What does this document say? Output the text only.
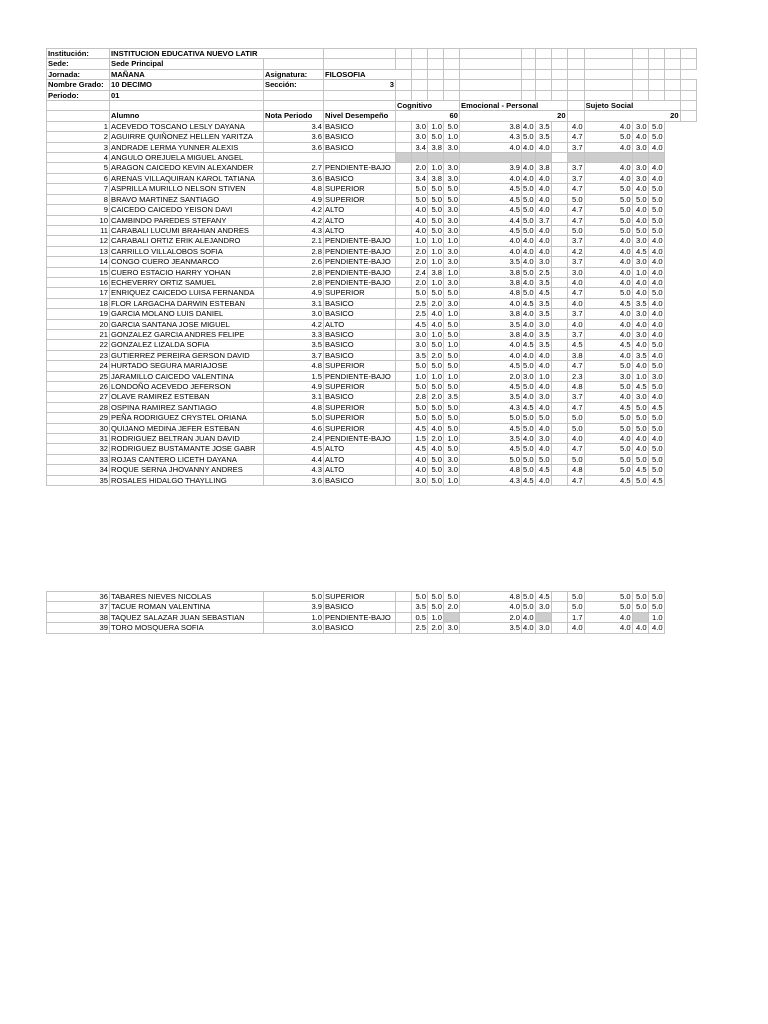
Institución:	INSTITUCION EDUCATIVA NUEVO LATIR																
Sede:	Sede Principal																
Jornada:	MAÑANA	Asignatura:	FILOSOFIA														
Nombre Grado:	10 DECIMO	Sección:	3														
Periodo:	01																
				Cognitivo				Emocional - Personal					Sujeto Social				
	Alumno	Nota Periodo	Nivel Desempeño	60				20					20				
1	ACEVEDO TOSCANO LESLY DAYANA	3.4	BASICO		3.0	1.0	5.0	3.8	4.0	3.5		4.0	4.0	3.0	5.0		
2	AGUIRRE QUIÑONEZ HELLEN YARITZA	3.6	BASICO		3.0	5.0	1.0	4.3	5.0	3.5		4.7	5.0	4.0	5.0		
3	ANDRADE LERMA YUNNER ALEXIS	3.6	BASICO		3.4	3.8	3.0	4.0	4.0	4.0		3.7	4.0	3.0	4.0		
4	ANGULO OREJUELA MIGUEL ANGEL																
5	ARAGON CAICEDO KEVIN ALEXANDER	2.7	PENDIENTE-BAJO		2.0	1.0	3.0	3.9	4.0	3.8		3.7	4.0	3.0	4.0		
6	ARENAS VILLAQUIRAN KAROL TATIANA	3.6	BASICO		3.4	3.8	3.0	4.0	4.0	4.0		3.7	4.0	3.0	4.0		
7	ASPRILLA MURILLO NELSON STIVEN	4.8	SUPERIOR		5.0	5.0	5.0	4.5	5.0	4.0		4.7	5.0	4.0	5.0		
8	BRAVO MARTINEZ SANTIAGO	4.9	SUPERIOR		5.0	5.0	5.0	4.5	5.0	4.0		5.0	5.0	5.0	5.0		
9	CAICEDO CAICEDO YEISON DAVI	4.2	ALTO		4.0	5.0	3.0	4.5	5.0	4.0		4.7	5.0	4.0	5.0		
10	CAMBINDO PAREDES STEFANY	4.2	ALTO		4.0	5.0	3.0	4.4	5.0	3.7		4.7	5.0	4.0	5.0		
11	CARABALI LUCUMI BRAHIAN ANDRES	4.3	ALTO		4.0	5.0	3.0	4.5	5.0	4.0		5.0	5.0	5.0	5.0		
12	CARABALI ORTIZ ERIK ALEJANDRO	2.1	PENDIENTE-BAJO		1.0	1.0	1.0	4.0	4.0	4.0		3.7	4.0	3.0	4.0		
13	CARRILLO VILLALOBOS SOFIA	2.8	PENDIENTE-BAJO		2.0	1.0	3.0	4.0	4.0	4.0		4.2	4.0	4.5	4.0		
14	CONGO CUERO JEANMARCO	2.6	PENDIENTE-BAJO		2.0	1.0	3.0	3.5	4.0	3.0		3.7	4.0	3.0	4.0		
15	CUERO ESTACIO HARRY YOHAN	2.8	PENDIENTE-BAJO		2.4	3.8	1.0	3.8	5.0	2.5		3.0	4.0	1.0	4.0		
16	ECHEVERRY ORTIZ SAMUEL	2.8	PENDIENTE-BAJO		2.0	1.0	3.0	3.8	4.0	3.5		4.0	4.0	4.0	4.0		
17	ENRIQUEZ CAICEDO LUISA FERNANDA	4.9	SUPERIOR		5.0	5.0	5.0	4.8	5.0	4.5		4.7	5.0	4.0	5.0		
18	FLOR LARGACHA DARWIN ESTEBAN	3.1	BASICO		2.5	2.0	3.0	4.0	4.5	3.5		4.0	4.5	3.5	4.0		
19	GARCIA MOLANO LUIS DANIEL	3.0	BASICO		2.5	4.0	1.0	3.8	4.0	3.5		3.7	4.0	3.0	4.0		
20	GARCIA SANTANA JOSE MIGUEL	4.2	ALTO		4.5	4.0	5.0	3.5	4.0	3.0		4.0	4.0	4.0	4.0		
21	GONZALEZ GARCIA ANDRES FELIPE	3.3	BASICO		3.0	1.0	5.0	3.8	4.0	3.5		3.7	4.0	3.0	4.0		
22	GONZALEZ LIZALDA SOFIA	3.5	BASICO		3.0	5.0	1.0	4.0	4.5	3.5		4.5	4.5	4.0	5.0		
23	GUTIERREZ PEREIRA GERSON DAVID	3.7	BASICO		3.5	2.0	5.0	4.0	4.0	4.0		3.8	4.0	3.5	4.0		
24	HURTADO SEGURA MARIAJOSE	4.8	SUPERIOR		5.0	5.0	5.0	4.5	5.0	4.0		4.7	5.0	4.0	5.0		
25	JARAMILLO CAICEDO VALENTINA	1.5	PENDIENTE-BAJO		1.0	1.0	1.0	2.0	3.0	1.0		2.3	3.0	1.0	3.0		
26	LONDOÑO ACEVEDO JEFERSON	4.9	SUPERIOR		5.0	5.0	5.0	4.5	5.0	4.0		4.8	5.0	4.5	5.0		
27	OLAVE RAMIREZ ESTEBAN	3.1	BASICO		2.8	2.0	3.5	3.5	4.0	3.0		3.7	4.0	3.0	4.0		
28	OSPINA RAMIREZ SANTIAGO	4.8	SUPERIOR		5.0	5.0	5.0	4.3	4.5	4.0		4.7	4.5	5.0	4.5		
29	PEÑA RODRIGUEZ CRYSTEL ORIANA	5.0	SUPERIOR		5.0	5.0	5.0	5.0	5.0	5.0		5.0	5.0	5.0	5.0		
30	QUIJANO MEDINA JEFER ESTEBAN	4.6	SUPERIOR		4.5	4.0	5.0	4.5	5.0	4.0		5.0	5.0	5.0	5.0		
31	RODRIGUEZ BELTRAN JUAN DAVID	2.4	PENDIENTE-BAJO		1.5	2.0	1.0	3.5	4.0	3.0		4.0	4.0	4.0	4.0		
32	RODRIGUEZ BUSTAMANTE JOSE GABR	4.5	ALTO		4.5	4.0	5.0	4.5	5.0	4.0		4.7	5.0	4.0	5.0		
33	ROJAS CANTERO LICETH DAYANA	4.4	ALTO		4.0	5.0	3.0	5.0	5.0	5.0		5.0	5.0	5.0	5.0		
34	ROQUE SERNA JHOVANNY ANDRES	4.3	ALTO		4.0	5.0	3.0	4.8	5.0	4.5		4.8	5.0	4.5	5.0		
35	ROSALES HIDALGO THAYLLING	3.6	BASICO		3.0	5.0	1.0	4.3	4.5	4.0		4.7	4.5	5.0	4.5		
36	TABARES NIEVES NICOLAS	5.0	SUPERIOR		5.0	5.0	5.0	4.8	5.0	4.5		5.0	5.0	5.0	5.0
37	TACUE ROMAN VALENTINA	3.9	BASICO		3.5	5.0	2.0	4.0	5.0	3.0		5.0	5.0	5.0	5.0
38	TAQUEZ SALAZAR JUAN SEBASTIAN	1.0	PENDIENTE-BAJO		0.5	1.0		2.0	4.0			1.7	4.0		1.0
39	TORO MOSQUERA SOFIA	3.0	BASICO		2.5	2.0	3.0	3.5	4.0	3.0		4.0	4.0	4.0	4.0
